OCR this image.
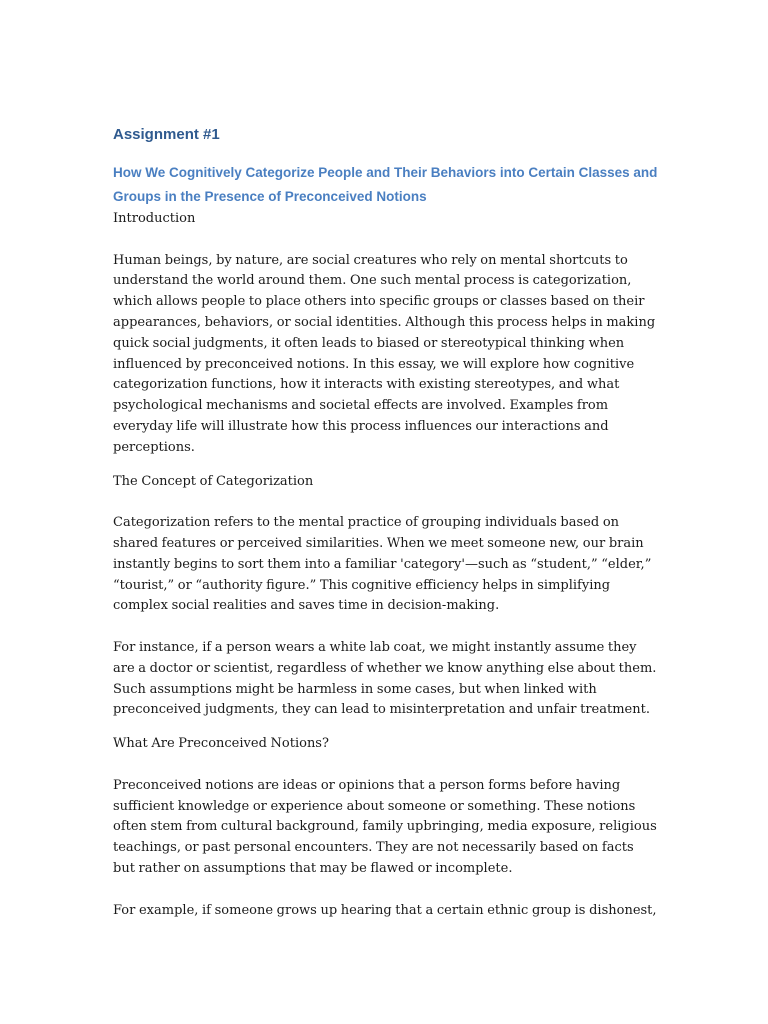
Assignment #1
How We Cognitively Categorize People and Their Behaviors into Certain Classes and Groups in the Presence of Preconceived Notions
Introduction

Human beings, by nature, are social creatures who rely on mental shortcuts to understand the world around them. One such mental process is categorization, which allows people to place others into specific groups or classes based on their appearances, behaviors, or social identities. Although this process helps in making quick social judgments, it often leads to biased or stereotypical thinking when influenced by preconceived notions. In this essay, we will explore how cognitive categorization functions, how it interacts with existing stereotypes, and what psychological mechanisms and societal effects are involved. Examples from everyday life will illustrate how this process influences our interactions and perceptions.

The Concept of Categorization

Categorization refers to the mental practice of grouping individuals based on shared features or perceived similarities. When we meet someone new, our brain instantly begins to sort them into a familiar 'category'—such as “student,” “elder,” “tourist,” or “authority figure.” This cognitive efficiency helps in simplifying complex social realities and saves time in decision-making.

For instance, if a person wears a white lab coat, we might instantly assume they are a doctor or scientist, regardless of whether we know anything else about them. Such assumptions might be harmless in some cases, but when linked with preconceived judgments, they can lead to misinterpretation and unfair treatment.

What Are Preconceived Notions?

Preconceived notions are ideas or opinions that a person forms before having sufficient knowledge or experience about someone or something. These notions often stem from cultural background, family upbringing, media exposure, religious teachings, or past personal encounters. They are not necessarily based on facts but rather on assumptions that may be flawed or incomplete.

For example, if someone grows up hearing that a certain ethnic group is dishonest,
